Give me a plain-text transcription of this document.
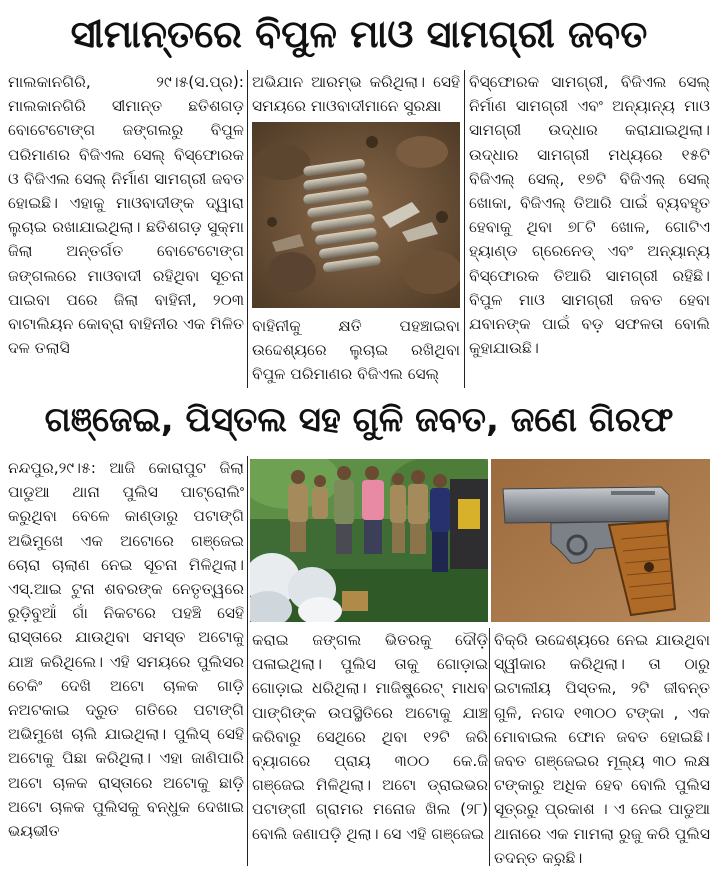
ସୀମାନ୍ତରେ ବିପୁଳ ମାଓ ସାମଗ୍ରୀ ଜବତ

ମାଲକାନଗିରି, ୨୯।୫(ସ.ପ୍ର): ମାଲକାନଗିରି ସୀମାନ୍ତ ଛତିଶଗଡ଼ ବୋଟେଟୋଙ୍ଗ ଜଙ୍ଗଲରୁ ବିପୁଳ ପରିମାଣର ବିଜିଏଲ ସେଲ୍ ବିସ୍ଫୋରକ ଓ ବିଜିଏଲ ସେଲ୍ ନିର୍ମାଣ ସାମଗ୍ରୀ ଜବତ ହୋଇଛି। ଏହାକୁ ମାଓବାଦୀଙ୍କ ଦ୍ୱାରା ଲୁଚାଇ ରଖାଯାଇଥିଲା। ଛତିଶଗଡ଼ ସୁକ୍ମା ଜିଲା ଅନ୍ତର୍ଗତ ବୋଟେଟୋଙ୍ଗ ଜଙ୍ଗଲରେ ମାଓବାଦୀ ରହିଥିବା ସୂଚନା ପାଇବା ପରେ ଜିଲା ବାହିନୀ, ୨୦୩ ବାଟାଲିୟନ କୋବ୍ରା ବାହିନୀର ଏକ ମିଳିତ ଦଳ ତଲାସି

ଅଭିଯାନ ଆରମ୍ଭ କରିଥିଲା। ସେହି ସମୟରେ ମାଓବାଦୀମାନେ ସୁରକ୍ଷା

ବାହିନୀକୁ କ୍ଷତି ପହଞ୍ଚାଇବା ଉଦ୍ଦେଶ୍ୟରେ ଲୁଚାଇ ରଖିଥିବା ବିପୁଳ ପରିମାଣର ବିଜିଏଲ ସେଲ୍

ବିସ୍ଫୋରକ ସାମଗ୍ରୀ, ବିଜିଏଲ ସେଲ୍ ନିର୍ମାଣ ସାମଗ୍ରୀ ଏବଂ ଅନ୍ୟାନ୍ୟ ମାଓ ସାମଗ୍ରୀ ଉଦ୍ଧାର କରାଯାଇଥିଲା। ଉଦ୍ଧାର ସାମଗ୍ରୀ ମଧ୍ୟରେ ୧୫ଟି ବିଜିଏଲ୍ ସେଲ୍, ୧୭ଟି ବିଜିଏଲ୍ ସେଲ୍ ଖୋକା, ବିଜିଏଲ୍ ତିଆରି ପାଇଁ ବ୍ୟବହୃତ ହେବାକୁ ଥିବା ୭୮ଟି ଖୋଳ, ଗୋଟିଏ ହ୍ୟାଣ୍ଡ ଗ୍ରେନେଡ୍ ଏବଂ ଅନ୍ୟାନ୍ୟ ବିସ୍ଫୋରକ ତିଆରି ସାମଗ୍ରୀ ରହିଛି। ବିପୁଳ ମାଓ ସାମଗ୍ରୀ ଜବତ ହେବା ଯବାନଙ୍କ ପାଇଁ ବଡ଼ ସଫଳତା ବୋଲି କୁହାଯାଉଛି।

ଗଞ୍ଜେଇ, ପିସ୍ତଲ ସହ ଗୁଳି ଜବତ, ଜଣେ ଗିରଫ

ନନ୍ଦପୁର,୨୯।୫: ଆଜି କୋରାପୁଟ ଜିଲା ପାଡୁଆ ଥାନା ପୁଲିସ ପାଟ୍ରୋଲିଂ କରୁଥିବା ବେଳେ କାଣ୍ଡାରୁ ପଟାଙ୍ଗି ଅଭିମୁଖେ ଏକ ଅଟୋରେ ଗଞ୍ଜେଇ ଚୋରା ଚାଲାଣ ନେଇ ସୂଚନା ମିଳିଥିଲା। ଏସ୍.ଆଇ ଟୁନା ଶବରଙ୍କ ନେତୃତ୍ୱରେ ରୁଡ଼ିବୁଆଁ ଗାଁ ନିକଟରେ ପହଞ୍ଚି ସେହି ରାସ୍ତାରେ ଯାଉଥିବା ସମସ୍ତ ଅଟୋକୁ ଯାଞ୍ଚ କରିଥିଲେ। ଏହି ସମୟରେ ପୁଲିସର ଚେକିଂ ଦେଖି ଅଟୋ ଚାଳକ ଗାଡ଼ି ନଅଟକାଇ ଦ୍ରୁତ ଗତିରେ ପଟାଙ୍ଗି ଅଭିମୁଖେ ଚାଲି ଯାଇଥିଲା। ପୁଲିସ୍ ସେହି ଅଟୋକୁ ପିଛା କରିଥିଲା। ଏହା ଜାଣିପାରି ଅଟୋ ଚାଳକ ରାସ୍ତାରେ ଅଟୋକୁ ଛାଡ଼ି ଅଟୋ ଚାଳକ ପୁଲିସକୁ ବନ୍ଧୁକ ଦେଖାଇ ଭୟଭୀତ

କରାଇ ଜଙ୍ଗଲ ଭିତରକୁ ଦୌଡ଼ି ପଳାଇଥିଲା। ପୁଲିସ ତାକୁ ଗୋଡ଼ାଇ ଗୋଡ଼ାଇ ଧରିଥିଲା। ମାଜିଷ୍ଟ୍ରେଟ୍ ମାଧବ ପାଙ୍ଗିଙ୍କ ଉପସ୍ଥିତିରେ ଅଟୋକୁ ଯାଞ୍ଚ କରିବାରୁ ସେଥିରେ ଥିବା ୧୨ଟି ଜରି ବ୍ୟାଗରେ ପ୍ରାୟ ୩୦୦ କେ.ଜି ଗଞ୍ଜେଇ ମିଳିଥିଲା। ଅଟୋ ଡ୍ରାଇଭର ପଟାଙ୍ଗୀ ଗ୍ରାମର ମନୋଜ ଖିଲ (୨୮) ବୋଲି ଜଣାପଡ଼ି ଥିଲା। ସେ ଏହି ଗଞ୍ଜେଇ

ବିକ୍ରି ଉଦ୍ଦେଶ୍ୟରେ ନେଇ ଯାଉଥିବା ସ୍ୱୀକାର କରିଥିଲା। ତା ଠାରୁ ଇଟାଲୀୟ ପିସ୍ତଲ, ୨ଟି ଜୀବନ୍ତ ଗୁଳି, ନଗଦ ୧୩୦୦ ଟଙ୍କା , ଏକ ମୋବାଇଲ ଫୋନ ଜବତ ହୋଇଛି। ଜବତ ଗଞ୍ଜେଇର ମୂଲ୍ୟ ୩୦ ଲକ୍ଷ ଟଙ୍କାରୁ ଅଧିକ ହେବ ବୋଲି ପୁଲିସ ସୂତ୍ରରୁ ପ୍ରକାଶ । ଏ ନେଇ ପାଡୁଆ ଥାନାରେ ଏକ ମାମଲା ରୁଜୁ କରି ପୁଲିସ ତଦନ୍ତ କରୁଛି।
